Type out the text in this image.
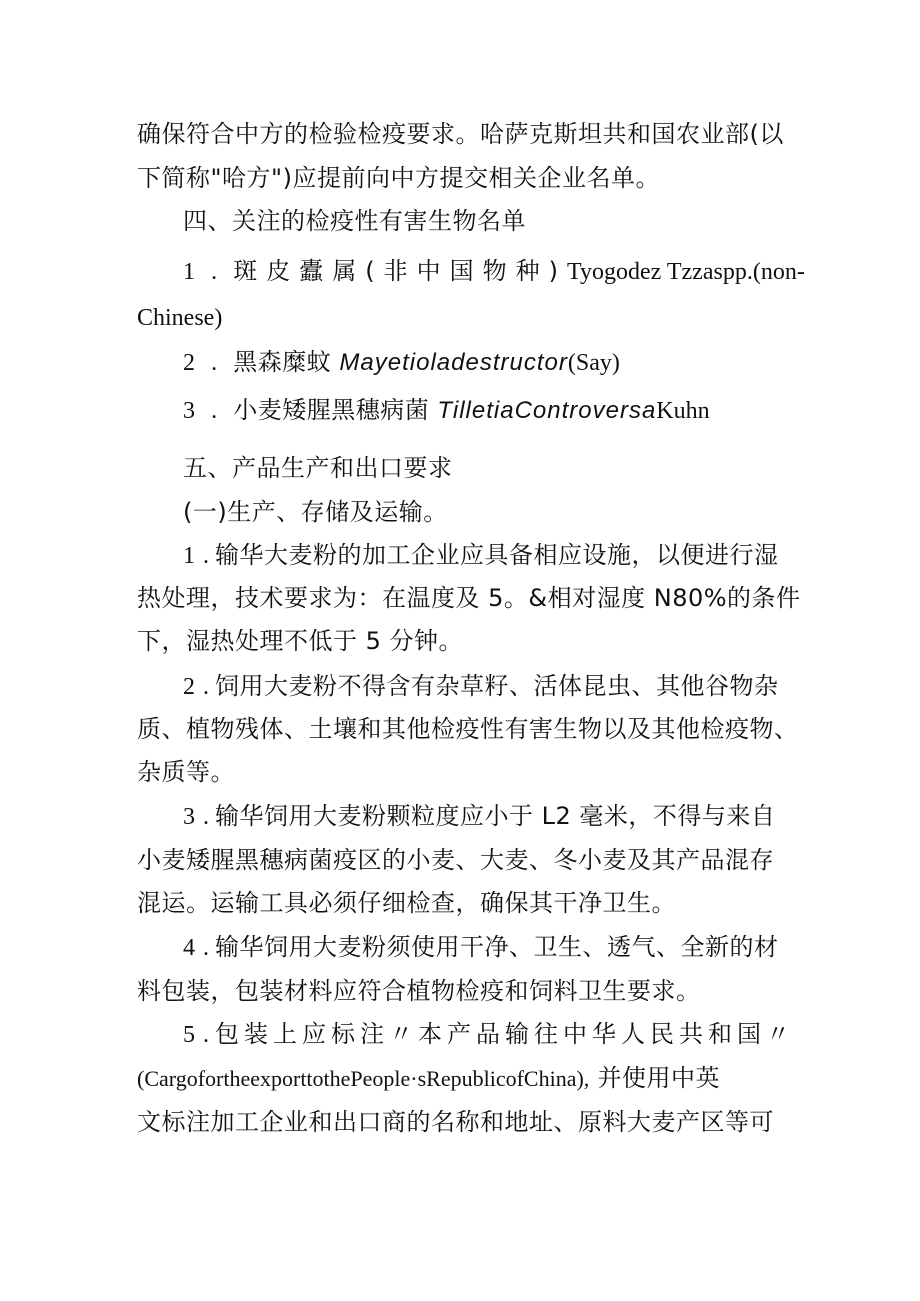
确保符合中方的检验检疫要求。哈萨克斯坦共和国农业部(以
下简称"哈方")应提前向中方提交相关企业名单。
四、关注的检疫性有害生物名单
1 . 斑皮蠹属(非中国物种)Tyogodez Tzzaspp.(non-
Chinese)
2 . 黑森糜蚊 Mayetioladestructor(Say)
3 . 小麦矮腥黑穗病菌 TilletiaControversaKuhn
五、产品生产和出口要求
(一)生产、存储及运输。
1 . 输华大麦粉的加工企业应具备相应设施，以便进行湿
热处理，技术要求为：在温度及 5。&相对湿度 N80%的条件
下，湿热处理不低于 5 分钟。
2 . 饲用大麦粉不得含有杂草籽、活体昆虫、其他谷物杂
质、植物残体、土壤和其他检疫性有害生物以及其他检疫物、
杂质等。
3 . 输华饲用大麦粉颗粒度应小于 L2 毫米，不得与来自
小麦矮腥黑穗病菌疫区的小麦、大麦、冬小麦及其产品混存
混运。运输工具必须仔细检查，确保其干净卫生。
4 . 输华饲用大麦粉须使用干净、卫生、透气、全新的材
料包装，包装材料应符合植物检疫和饲料卫生要求。
5 . 包装上应标注〃本产品输往中华人民共和国〃
(CargofortheexporttothePeople·sRepublicofChina), 并使用中英
文标注加工企业和出口商的名称和地址、原料大麦产区等可
